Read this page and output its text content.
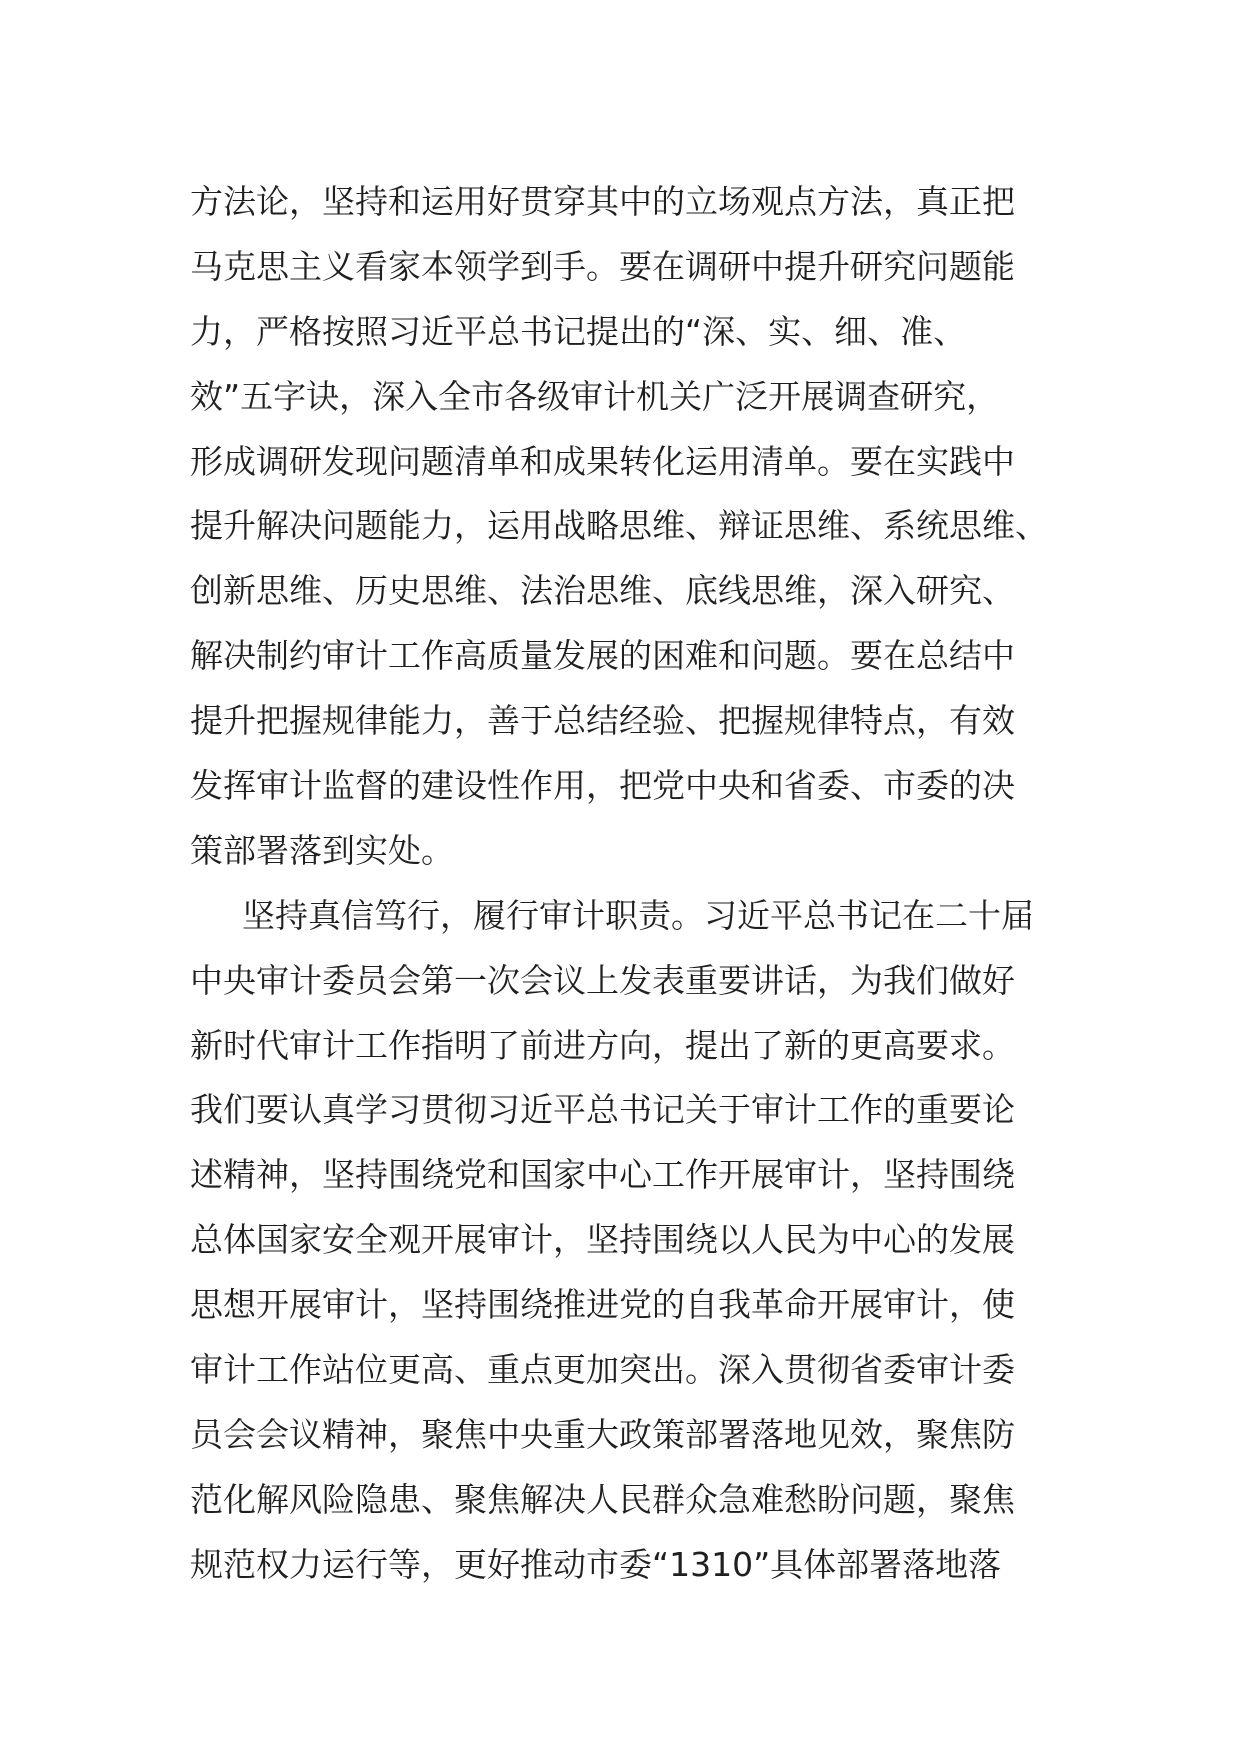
方法论，坚持和运用好贯穿其中的立场观点方法，真正把
马克思主义看家本领学到手。要在调研中提升研究问题能
力，严格按照习近平总书记提出的“深、实、细、准、
效”五字诀，深入全市各级审计机关广泛开展调查研究，
形成调研发现问题清单和成果转化运用清单。要在实践中
提升解决问题能力，运用战略思维、辩证思维、系统思维、
创新思维、历史思维、法治思维、底线思维，深入研究、
解决制约审计工作高质量发展的困难和问题。要在总结中
提升把握规律能力，善于总结经验、把握规律特点，有效
发挥审计监督的建设性作用，把党中央和省委、市委的决
策部署落到实处。
坚持真信笃行，履行审计职责。习近平总书记在二十届
中央审计委员会第一次会议上发表重要讲话，为我们做好
新时代审计工作指明了前进方向，提出了新的更高要求。
我们要认真学习贯彻习近平总书记关于审计工作的重要论
述精神，坚持围绕党和国家中心工作开展审计，坚持围绕
总体国家安全观开展审计，坚持围绕以人民为中心的发展
思想开展审计，坚持围绕推进党的自我革命开展审计，使
审计工作站位更高、重点更加突出。深入贯彻省委审计委
员会会议精神，聚焦中央重大政策部署落地见效，聚焦防
范化解风险隐患、聚焦解决人民群众急难愁盼问题，聚焦
规范权力运行等，更好推动市委“1310”具体部署落地落
